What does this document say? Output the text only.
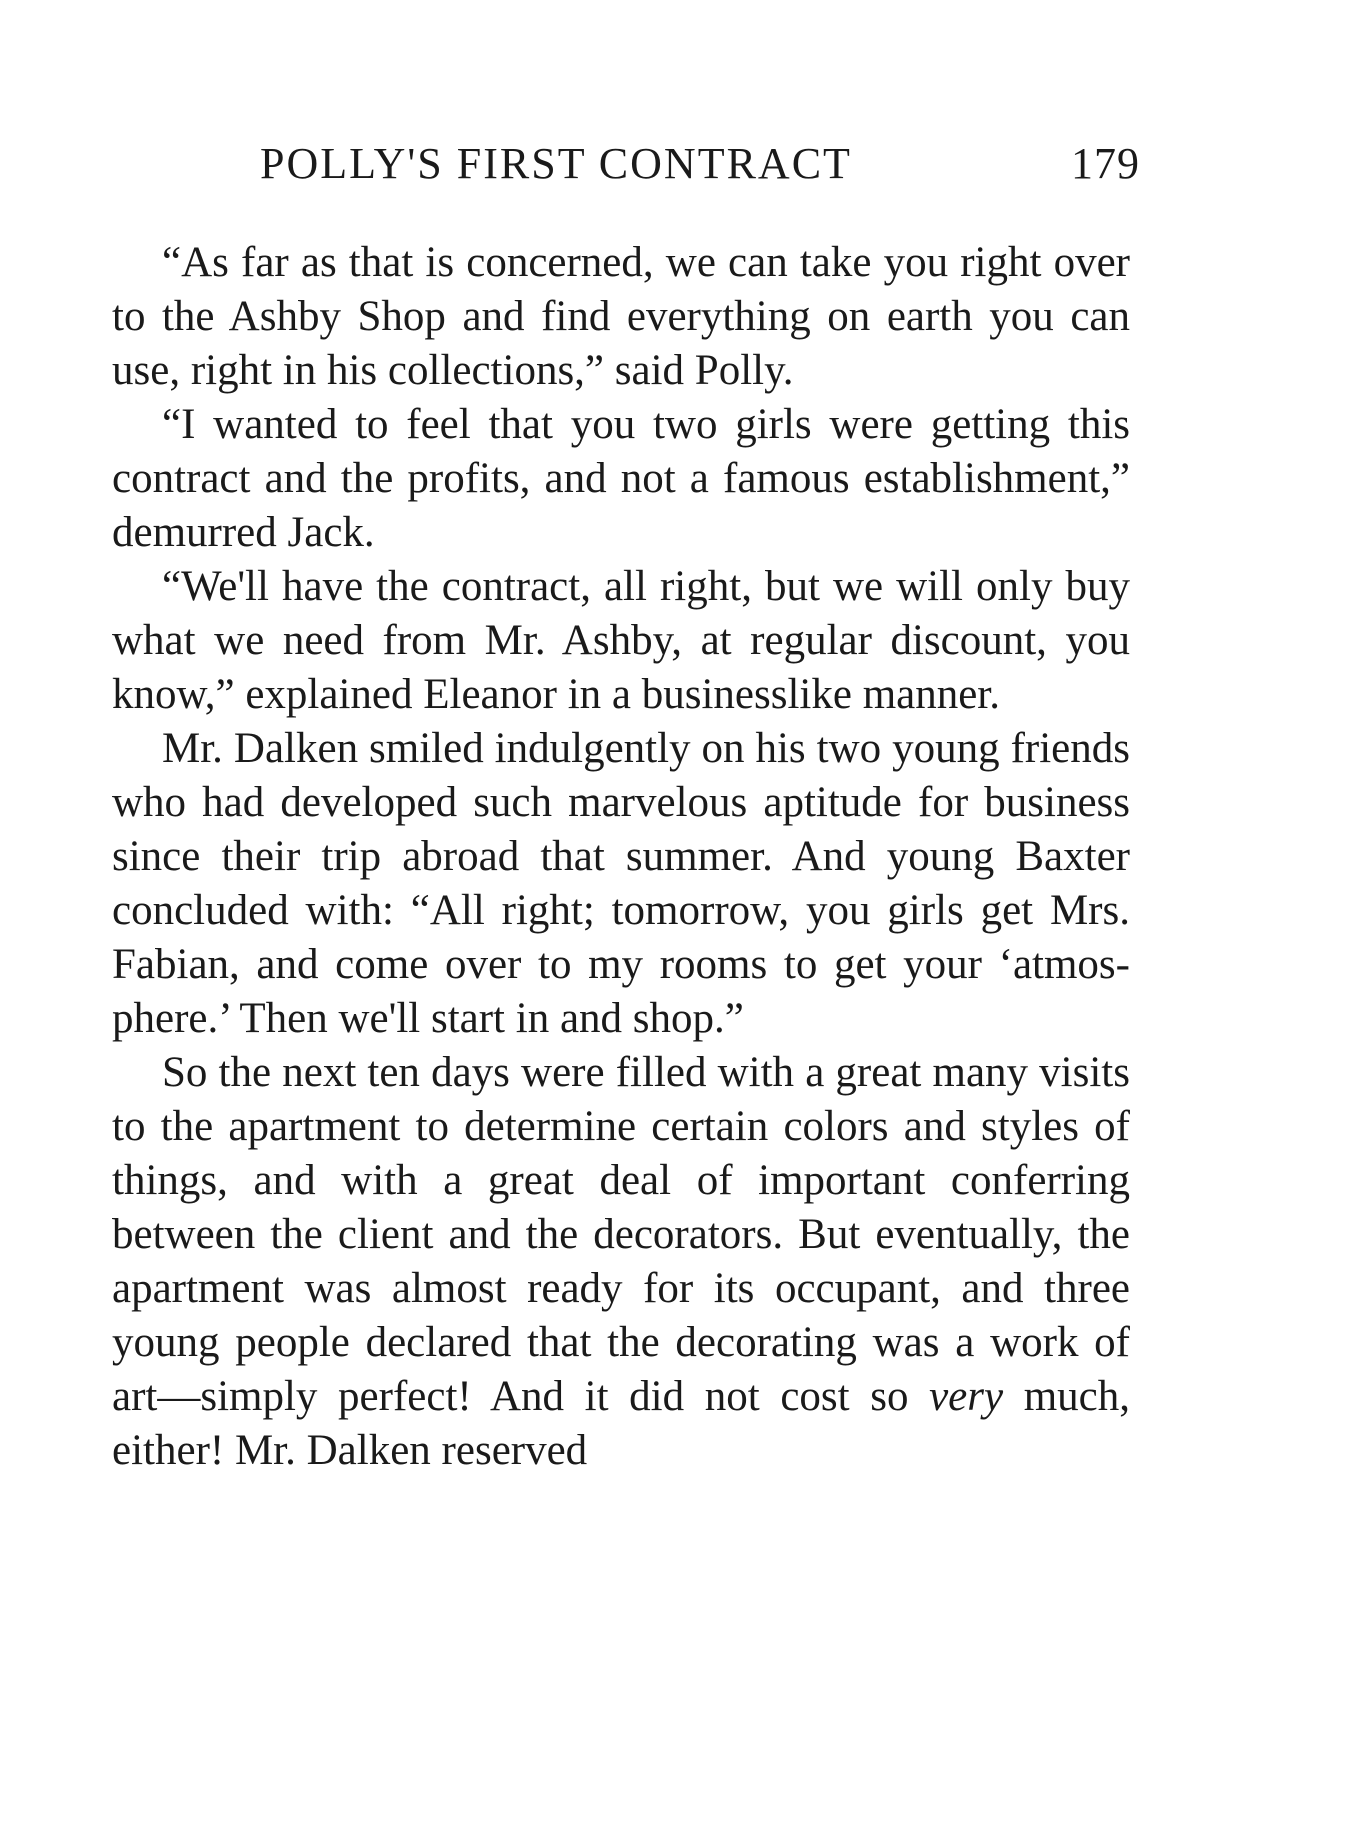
POLLY'S FIRST CONTRACT	179

“As far as that is concerned, we can take you right over to the Ashby Shop and find everything on earth you can use, right in his collections,” said Polly.

“I wanted to feel that you two girls were getting this contract and the profits, and not a famous establishment,” demurred Jack.

“We'll have the contract, all right, but we will only buy what we need from Mr. Ashby, at regular discount, you know,” explained Eleanor in a businesslike manner.

Mr. Dalken smiled indulgently on his two young friends who had developed such marvelous aptitude for business since their trip abroad that summer. And young Baxter concluded with: “All right; tomorrow, you girls get Mrs. Fabian, and come over to my rooms to get your ‘atmosphere.’ Then we'll start in and shop.”

So the next ten days were filled with a great many visits to the apartment to determine certain colors and styles of things, and with a great deal of important conferring between the client and the decorators. But eventually, the apartment was almost ready for its occupant, and three young people declared that the decorating was a work of art—simply perfect! And it did not cost so very much, either! Mr. Dalken reserved
